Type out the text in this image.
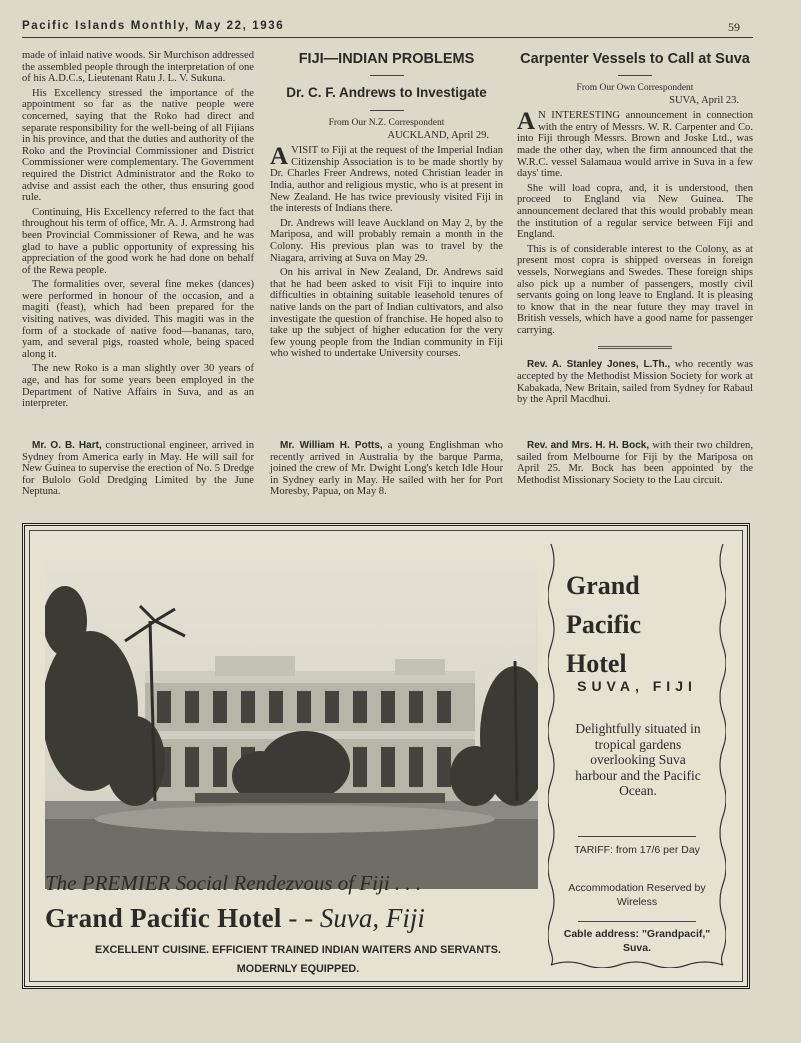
Pacific Islands Monthly, May 22, 1936	59

made of inlaid native woods. Sir Murchison addressed the assembled people through the interpretation of one of his A.D.C.s, Lieutenant Ratu J. L. V. Sukuna.

His Excellency stressed the importance of the appointment so far as the native people were concerned, saying that the Roko had direct and separate responsibility for the well-being of all Fijians in his province, and that the duties and authority of the Roko and the Provincial Commissioner and District Commissioner were complementary. The Government required the District Administrator and the Roko to advise and assist each the other, thus ensuring good rule.

Continuing, His Excellency referred to the fact that throughout his term of office, Mr. A. J. Armstrong had been Provincial Commissioner of Rewa, and he was glad to have a public opportunity of expressing his appreciation of the good work he had done on behalf of the Rewa people.

The formalities over, several fine mekes (dances) were performed in honour of the occasion, and a magiti (feast), which had been prepared for the visiting natives, was divided. This magiti was in the form of a stockade of native food—bananas, taro, yam, and several pigs, roasted whole, being spaced along it.

The new Roko is a man slightly over 30 years of age, and has for some years been employed in the Department of Native Affairs in Suva, and as an interpreter.

FIJI—INDIAN PROBLEMS
Dr. C. F. Andrews to Investigate
From Our N.Z. Correspondent
AUCKLAND, April 29.

AVISIT to Fiji at the request of the Imperial Indian Citizenship Association is to be made shortly by Dr. Charles Freer Andrews, noted Christian leader in India, author and religious mystic, who is at present in New Zealand. He has twice previously visited Fiji in the interests of Indians there.

Dr. Andrews will leave Auckland on May 2, by the Mariposa, and will probably remain a month in the Colony. His previous plan was to travel by the Niagara, arriving at Suva on May 29.

On his arrival in New Zealand, Dr. Andrews said that he had been asked to visit Fiji to inquire into difficulties in obtaining suitable leasehold tenures of native lands on the part of Indian cultivators, and also investigate the question of franchise. He hoped also to take up the subject of higher education for the very few young people from the Indian community in Fiji who wished to undertake University courses.

Carpenter Vessels to Call at Suva
From Our Own Correspondent
SUVA, April 23.

A N INTERESTING announcement in connection with the entry of Messrs. W. R. Carpenter and Co. into Fiji through Messrs. Brown and Joske Ltd., was made the other day, when the firm announced that the W.R.C. vessel Salamaua would arrive in Suva in a few days' time.

She will load copra, and, it is understood, then proceed to England via New Guinea. The announcement declared that this would probably mean the institution of a regular service between Fiji and England.

This is of considerable interest to the Colony, as at present most copra is shipped overseas in foreign vessels, Norwegians and Swedes. These foreign ships also pick up a number of passengers, mostly civil servants going on long leave to England. It is pleasing to know that in the near future they may travel in British vessels, which have a good name for passenger carrying.

Rev. A. Stanley Jones, L.Th., who recently was accepted by the Methodist Mission Society for work at Kabakada, New Britain, sailed from Sydney for Rabaul by the April Macdhui.

Mr. O. B. Hart, constructional engineer, arrived in Sydney from America early in May. He will sail for New Guinea to supervise the erection of No. 5 Dredge for Bulolo Gold Dredging Limited by the June Neptuna.

Mr. William H. Potts, a young Englishman who recently arrived in Australia by the barque Parma, joined the crew of Mr. Dwight Long's ketch Idle Hour in Sydney early in May. He sailed with her for Port Moresby, Papua, on May 8.

Rev. and Mrs. H. H. Bock, with their two children, sailed from Melbourne for Fiji by the Mariposa on April 25. Mr. Bock has been appointed by the Methodist Missionary Society to the Lau circuit.

The PREMIER Social Rendezvous of Fiji . . .
Grand Pacific Hotel - - Suva, Fiji
EXCELLENT CUISINE. EFFICIENT TRAINED INDIAN WAITERS AND SERVANTS.
MODERNLY EQUIPPED.
Grand
Pacific
Hotel
SUVA, FIJI
Delightfully situated in tropical gardens overlooking Suva harbour and the Pacific Ocean.
TARIFF: from 17/6 per Day
Accommodation Reserved by Wireless
Cable address: "Grandpacif," Suva.
